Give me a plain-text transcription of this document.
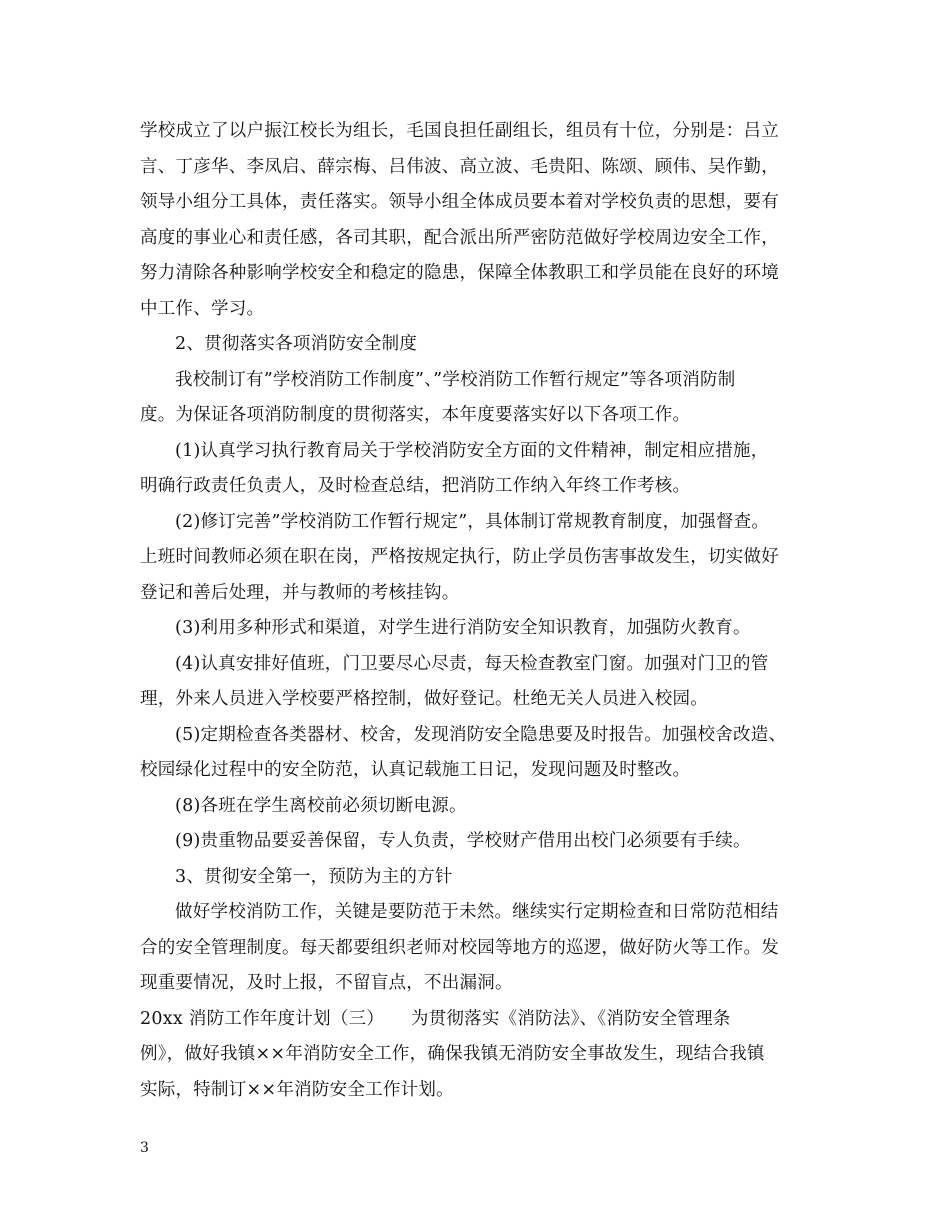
学校成立了以户振江校长为组长，毛国良担任副组长，组员有十位，分别是：吕立
言、丁彦华、李凤启、薛宗梅、吕伟波、高立波、毛贵阳、陈颂、顾伟、吴作勤，
领导小组分工具体，责任落实。领导小组全体成员要本着对学校负责的思想，要有
高度的事业心和责任感，各司其职，配合派出所严密防范做好学校周边安全工作，
努力清除各种影响学校安全和稳定的隐患，保障全体教职工和学员能在良好的环境
中工作、学习。
2、贯彻落实各项消防安全制度
我校制订有”学校消防工作制度”、”学校消防工作暂行规定”等各项消防制
度。为保证各项消防制度的贯彻落实，本年度要落实好以下各项工作。
(1)认真学习执行教育局关于学校消防安全方面的文件精神，制定相应措施，
明确行政责任负责人，及时检查总结，把消防工作纳入年终工作考核。
(2)修订完善”学校消防工作暂行规定”，具体制订常规教育制度，加强督查。
上班时间教师必须在职在岗，严格按规定执行，防止学员伤害事故发生，切实做好
登记和善后处理，并与教师的考核挂钩。
(3)利用多种形式和渠道，对学生进行消防安全知识教育，加强防火教育。
(4)认真安排好值班，门卫要尽心尽责，每天检查教室门窗。加强对门卫的管
理，外来人员进入学校要严格控制，做好登记。杜绝无关人员进入校园。
(5)定期检查各类器材、校舍，发现消防安全隐患要及时报告。加强校舍改造、
校园绿化过程中的安全防范，认真记载施工日记，发现问题及时整改。
(8)各班在学生离校前必须切断电源。
(9)贵重物品要妥善保留，专人负责，学校财产借用出校门必须要有手续。
3、贯彻安全第一，预防为主的方针
做好学校消防工作，关键是要防范于未然。继续实行定期检查和日常防范相结
合的安全管理制度。每天都要组织老师对校园等地方的巡逻，做好防火等工作。发
现重要情况，及时上报，不留盲点，不出漏洞。
20xx 消防工作年度计划（三）　　为贯彻落实《消防法》、《消防安全管理条
例》，做好我镇××年消防安全工作，确保我镇无消防安全事故发生，现结合我镇
实际，特制订××年消防安全工作计划。
3
